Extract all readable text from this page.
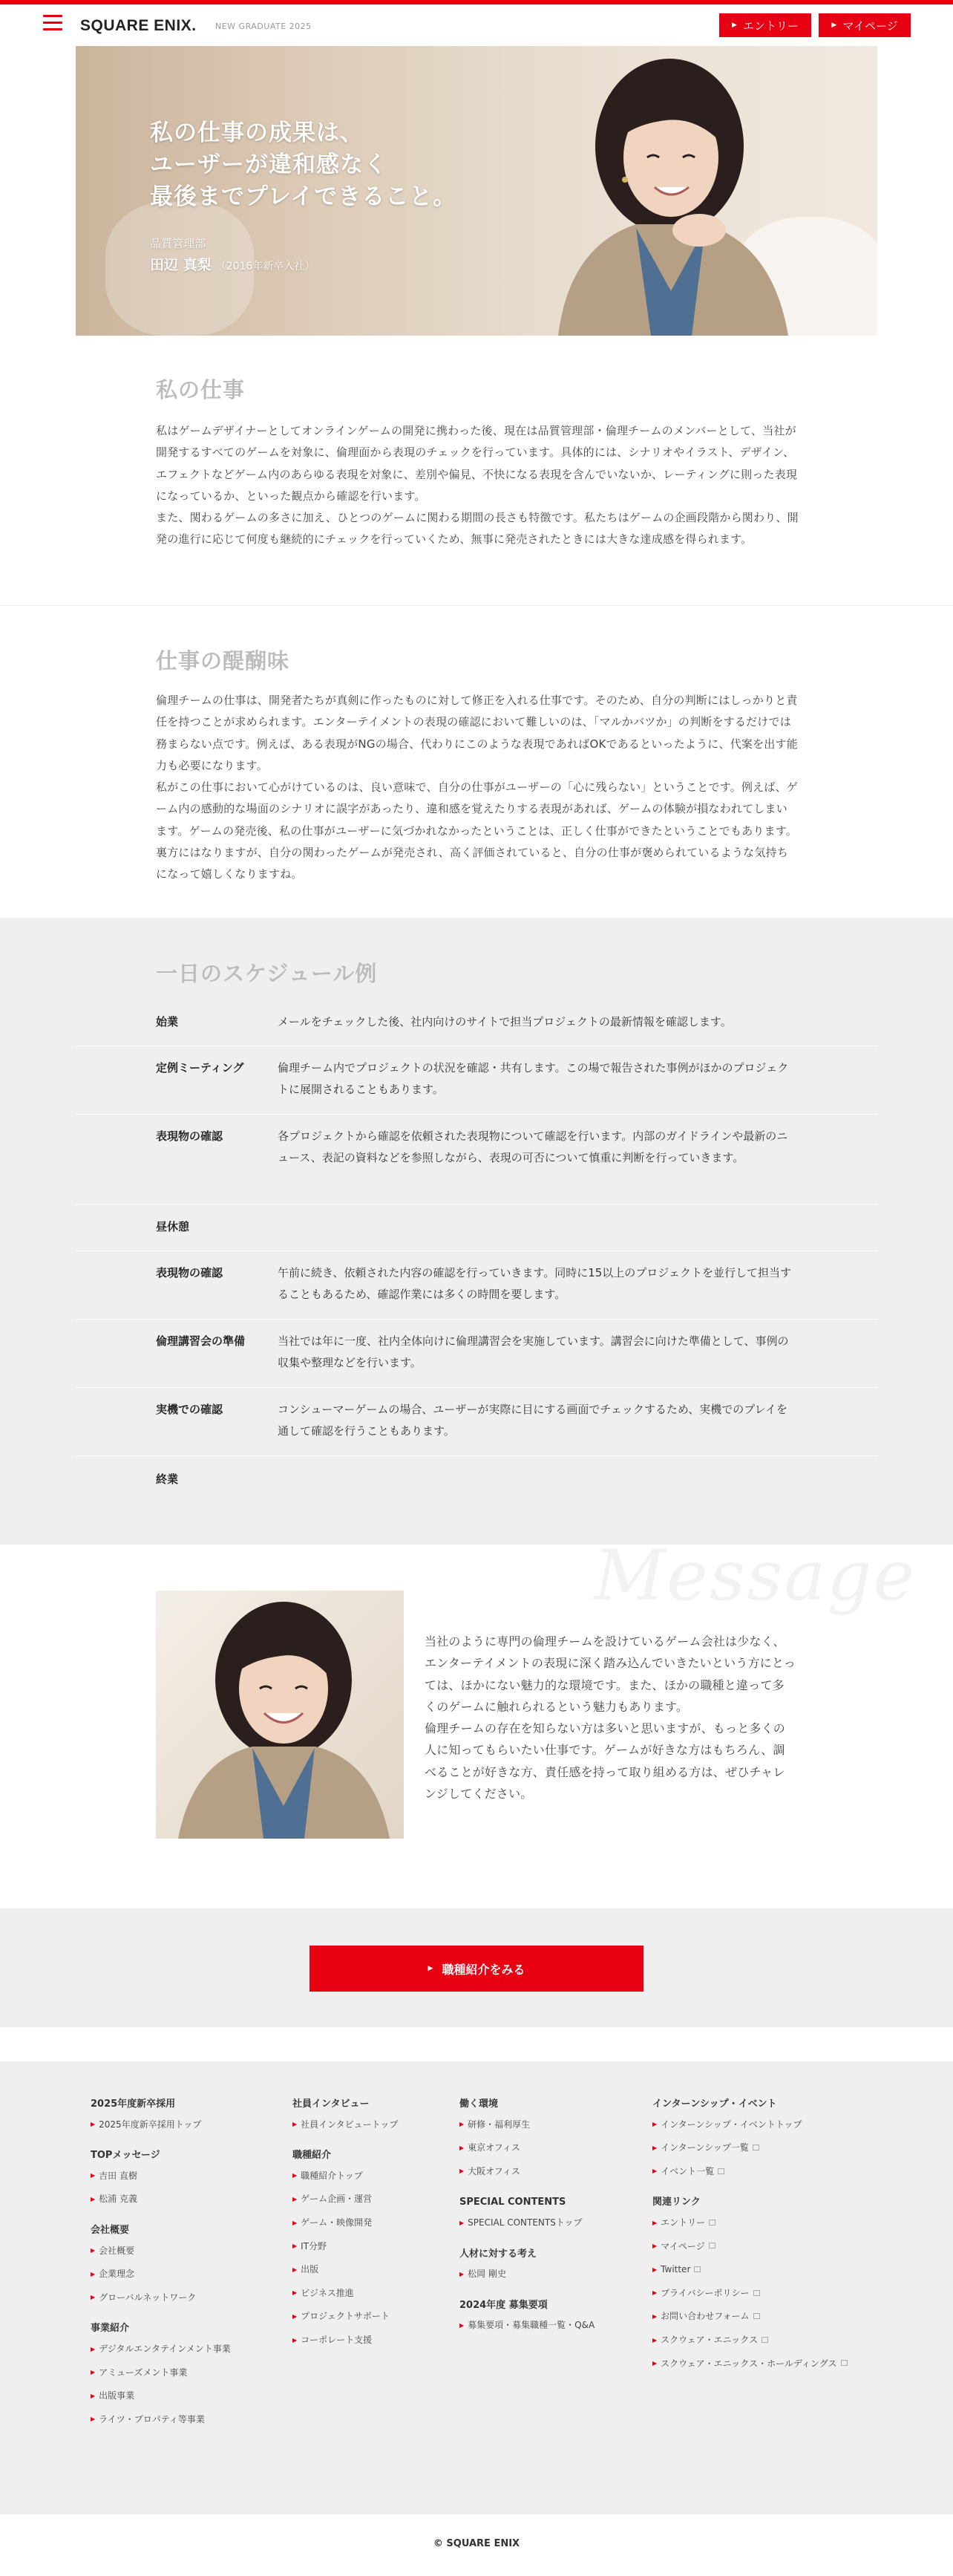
SQUARE ENIX. NEW GRADUATE 2025	▶ エントリー	▶ マイページ
私の仕事の成果は、
ユーザーが違和感なく
最後までプレイできること。
品質管理部
田辺 真梨 （2016年新卒入社）
私の仕事

私はゲームデザイナーとしてオンラインゲームの開発に携わった後、現在は品質管理部・倫理チームのメンバーとして、当社が開発するすべてのゲームを対象に、倫理面から表現のチェックを行っています。具体的には、シナリオやイラスト、デザイン、エフェクトなどゲーム内のあらゆる表現を対象に、差別や偏見、不快になる表現を含んでいないか、レーティングに則った表現になっているか、といった観点から確認を行います。

また、関わるゲームの多さに加え、ひとつのゲームに関わる期間の長さも特徴です。私たちはゲームの企画段階から関わり、開発の進行に応じて何度も継続的にチェックを行っていくため、無事に発売されたときには大きな達成感を得られます。

仕事の醍醐味

倫理チームの仕事は、開発者たちが真剣に作ったものに対して修正を入れる仕事です。そのため、自分の判断にはしっかりと責任を持つことが求められます。エンターテイメントの表現の確認において難しいのは、「マルかバツか」の判断をするだけでは務まらない点です。例えば、ある表現がNGの場合、代わりにこのような表現であればOKであるといったように、代案を出す能力も必要になります。

私がこの仕事において心がけているのは、良い意味で、自分の仕事がユーザーの「心に残らない」ということです。例えば、ゲーム内の感動的な場面のシナリオに誤字があったり、違和感を覚えたりする表現があれば、ゲームの体験が損なわれてしまいます。ゲームの発売後、私の仕事がユーザーに気づかれなかったということは、正しく仕事ができたということでもあります。裏方にはなりますが、自分の関わったゲームが発売され、高く評価されていると、自分の仕事が褒められているような気持ちになって嬉しくなりますね。

一日のスケジュール例
始業	メールをチェックした後、社内向けのサイトで担当プロジェクトの最新情報を確認します。
定例ミーティング	倫理チーム内でプロジェクトの状況を確認・共有します。この場で報告された事例がほかのプロジェクトに展開されることもあります。
表現物の確認	各プロジェクトから確認を依頼された表現物について確認を行います。内部のガイドラインや最新のニュース、表記の資料などを参照しながら、表現の可否について慎重に判断を行っていきます。
昼休憩
表現物の確認	午前に続き、依頼された内容の確認を行っていきます。同時に15以上のプロジェクトを並行して担当することもあるため、確認作業には多くの時間を要します。
倫理講習会の準備	当社では年に一度、社内全体向けに倫理講習会を実施しています。講習会に向けた準備として、事例の収集や整理などを行います。
実機での確認	コンシューマーゲームの場合、ユーザーが実際に目にする画面でチェックするため、実機でのプレイを通して確認を行うこともあります。
終業
Message

当社のように専門の倫理チームを設けているゲーム会社は少なく、エンターテイメントの表現に深く踏み込んでいきたいという方にとっては、ほかにない魅力的な環境です。また、ほかの職種と違って多くのゲームに触れられるという魅力もあります。

倫理チームの存在を知らない方は多いと思いますが、もっと多くの人に知ってもらいたい仕事です。ゲームが好きな方はもちろん、調べることが好きな方、責任感を持って取り組める方は、ぜひチャレンジしてください。

▶ 職種紹介をみる
2025年度新卒採用
▶ 2025年度新卒採用トップ
TOPメッセージ
▶ 吉田 直樹
▶ 松浦 克義
会社概要
▶ 会社概要
▶ 企業理念
▶ グローバルネットワーク
事業紹介
▶ デジタルエンタテインメント事業
▶ アミューズメント事業
▶ 出版事業
▶ ライツ・プロパティ等事業
社員インタビュー
▶ 社員インタビュートップ
職種紹介
▶ 職種紹介トップ
▶ ゲーム企画・運営
▶ ゲーム・映像開発
▶ IT分野
▶ 出版
▶ ビジネス推進
▶ プロジェクトサポート
▶ コーポレート支援
働く環境
▶ 研修・福利厚生
▶ 東京オフィス
▶ 大阪オフィス
SPECIAL CONTENTS
▶ SPECIAL CONTENTSトップ
人材に対する考え
▶ 松岡 剛史
2024年度 募集要項
▶ 募集要項・募集職種一覧・Q&A
インターンシップ・イベント
▶ インターンシップ・イベントトップ
▶ インターンシップ一覧
▶ イベント一覧
関連リンク
▶ エントリー
▶ マイページ
▶ Twitter
▶ プライバシーポリシー
▶ お問い合わせフォーム
▶ スクウェア・エニックス
▶ スクウェア・エニックス・ホールディングス
© SQUARE ENIX
